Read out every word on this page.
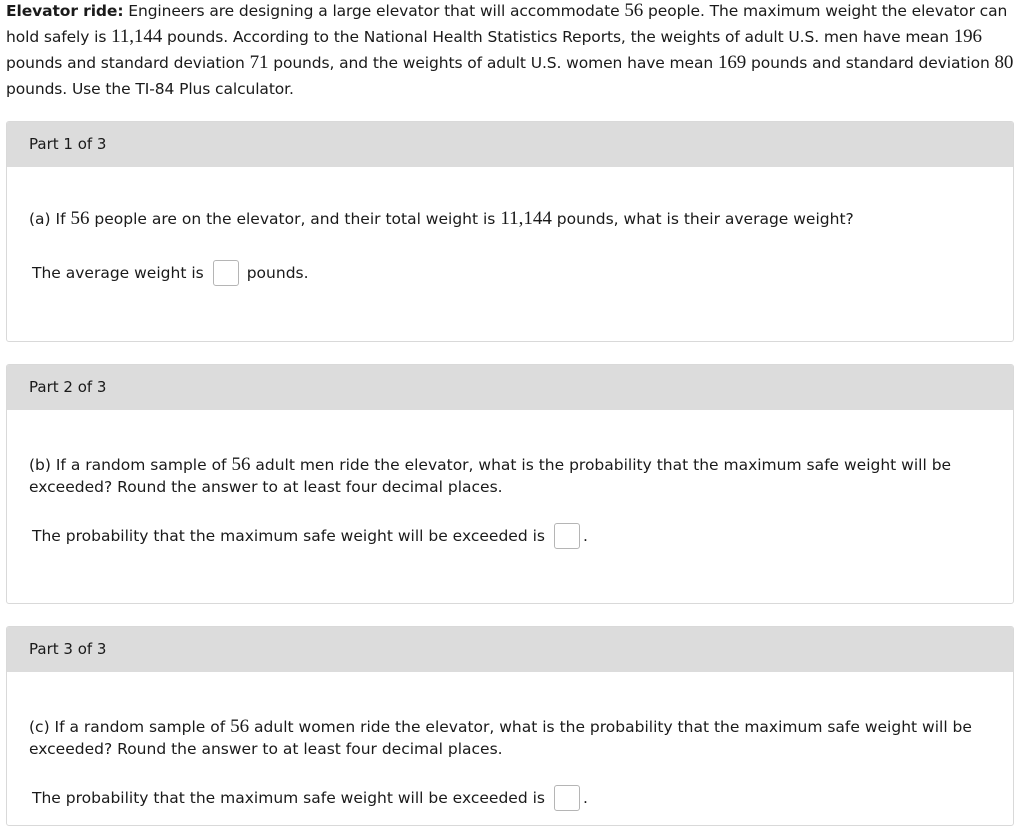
Elevator ride: Engineers are designing a large elevator that will accommodate 56 people. The maximum weight the elevator can hold safely is 11,144 pounds. According to the National Health Statistics Reports, the weights of adult U.S. men have mean 196 pounds and standard deviation 71 pounds, and the weights of adult U.S. women have mean 169 pounds and standard deviation 80 pounds. Use the TI-84 Plus calculator.
Part 1 of 3
(a) If 56 people are on the elevator, and their total weight is 11,144 pounds, what is their average weight?
The average weight is	pounds.
Part 2 of 3
(b) If a random sample of 56 adult men ride the elevator, what is the probability that the maximum safe weight will be exceeded? Round the answer to at least four decimal places.
The probability that the maximum safe weight will be exceeded is .
Part 3 of 3
(c) If a random sample of 56 adult women ride the elevator, what is the probability that the maximum safe weight will be exceeded? Round the answer to at least four decimal places.
The probability that the maximum safe weight will be exceeded is .
